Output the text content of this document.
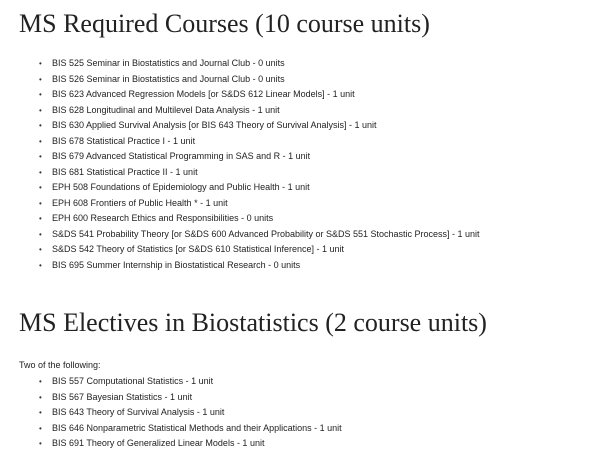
MS Required Courses (10 course units)
•	BIS 525 Seminar in Biostatistics and Journal Club - 0 units
•	BIS 526 Seminar in Biostatistics and Journal Club - 0 units
•	BIS 623 Advanced Regression Models [or S&DS 612 Linear Models] - 1 unit
•	BIS 628 Longitudinal and Multilevel Data Analysis - 1 unit
•	BIS 630 Applied Survival Analysis [or BIS 643 Theory of Survival Analysis] - 1 unit
•	BIS 678 Statistical Practice I - 1 unit
•	BIS 679 Advanced Statistical Programming in SAS and R - 1 unit
•	BIS 681 Statistical Practice II - 1 unit
•	EPH 508 Foundations of Epidemiology and Public Health - 1 unit
•	EPH 608 Frontiers of Public Health * - 1 unit
•	EPH 600 Research Ethics and Responsibilities - 0 units
•	S&DS 541 Probability Theory [or S&DS 600 Advanced Probability or S&DS 551 Stochastic Process] - 1 unit
•	S&DS 542 Theory of Statistics [or S&DS 610 Statistical Inference] - 1 unit
•	BIS 695 Summer Internship in Biostatistical Research - 0 units
MS Electives in Biostatistics (2 course units)

Two of the following:

•	BIS 557 Computational Statistics - 1 unit
•	BIS 567 Bayesian Statistics - 1 unit
•	BIS 643 Theory of Survival Analysis - 1 unit
•	BIS 646 Nonparametric Statistical Methods and their Applications - 1 unit
•	BIS 691 Theory of Generalized Linear Models - 1 unit
